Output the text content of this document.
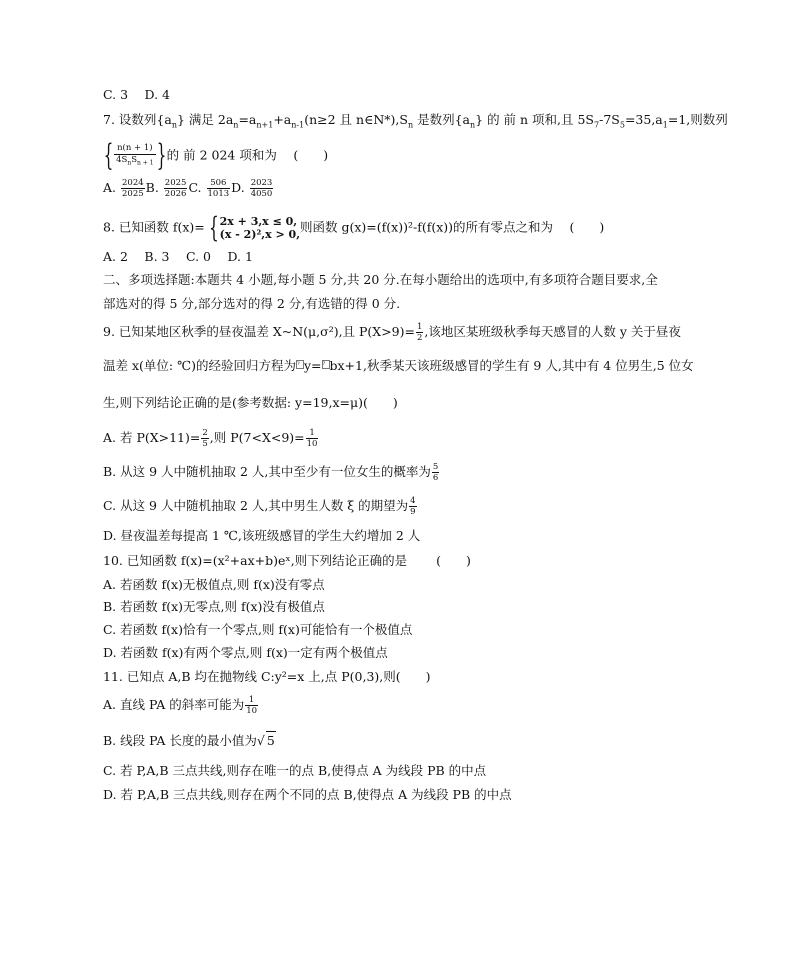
C. 3　 D. 4
7. 设数列$\{a_n\}$ 满足 $2a_n=a_{n+1}+a_{n-1}(n\ge 2$ 且 $n\in N*),S_n$ 是数列$\{a_n\}$ 的 前 n 项和,且 $5S_7-7S_5=35,a_1=1$,则数列
{ n(n + 1)
$4S_nS_{n + 1}$ }的 前 2 024 项和为 　(　　)
A. $\frac{2024}{2025} B$. $\frac{2025}{2026} C$. $\frac{506}{1013} D$. $\frac{2023}{4050}$
8. 已知函数 f(x)= { 2x + 3,x ≤ 0,
(x - 2)²,x > 0, 则函数 g(x)=(f(x))²-f(f(x))的所有零点之和为　 (　　)
A. 2　 B. 3　 C. 0　 D. 1
二、多项选择题:本题共 4 小题,每小题 5 分,共 20 分.在每小题给出的选项中,有多项符合题目要求,全
部选对的得 5 分,部分选对的得 2 分,有选错的得 0 分.
9. 已知某地区秋季的昼夜温差 X~N(μ,σ²),且 $P(X>9)= \frac{1}{2}$ ,该地区某班级秋季每天感冒的人数 y 关于昼夜
温差 x(单位: ℃)的经验回归方程为? y=? bx+1,秋季某天该班级感冒的学生有 9 人,其中有 4 位男生,5 位女
生,则下列结论正确的是(参考数据: y=19,x=μ)(　　)
A. 若 $P(X>11)= \frac{2}{5}$ ,则 $P(7<X<9)= \frac{1}{10}$
B. 从这 9 人中随机抽取 2 人,其中至少有一位女生的概率为 $\frac{5}{6}$
C. 从这 9 人中随机抽取 2 人,其中男生人数 ξ 的期望为 $\frac{4}{9}$
D. 昼夜温差每提高 1 ℃,该班级感冒的学生大约增加 2 人
10. 已知函数 f(x)=(x²+ax+b)eˣ,则下列结论正确的是　　 (　　)
A. 若函数 f(x)无极值点,则 f(x)没有零点
B. 若函数 f(x)无零点,则 f(x)没有极值点
C. 若函数 f(x)恰有一个零点,则 f(x)可能恰有一个极值点
D. 若函数 f(x)有两个零点,则 f(x)一定有两个极值点
11. 已知点 A,B 均在抛物线 C:y²=x 上,点 P(0,3),则(　　)
A. 直线 PA 的斜率可能为 $\frac{1}{10}$
B. 线段 PA 长度的最小值为√ 5
C. 若 P,A,B 三点共线,则存在唯一的点 B,使得点 A 为线段 PB 的中点
D. 若 P,A,B 三点共线,则存在两个不同的点 B,使得点 A 为线段 PB 的中点
